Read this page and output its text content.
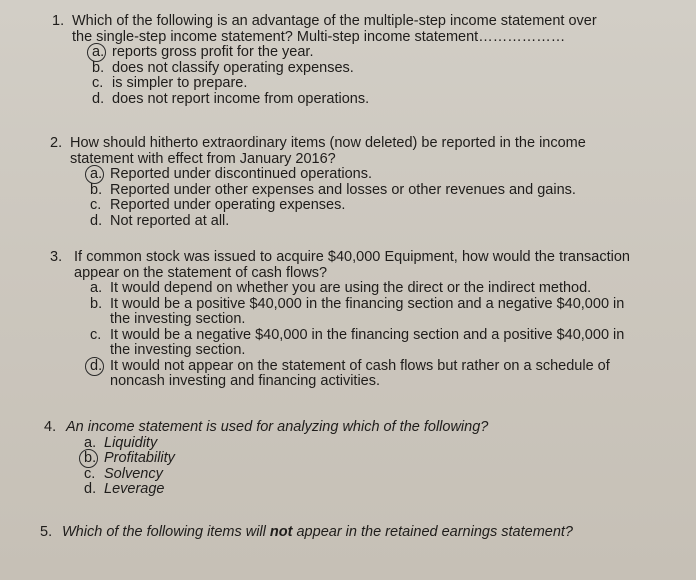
1. Which of the following is an advantage of the multiple-step income statement over the single-step income statement? Multi-step income statement………………
a. reports gross profit for the year.
b. does not classify operating expenses.
c. is simpler to prepare.
d. does not report income from operations.
2. How should hitherto extraordinary items (now deleted) be reported in the income statement with effect from January 2016?
a. Reported under discontinued operations.
b. Reported under other expenses and losses or other revenues and gains.
c. Reported under operating expenses.
d. Not reported at all.
3. If common stock was issued to acquire $40,000 Equipment, how would the transaction appear on the statement of cash flows?
a. It would depend on whether you are using the direct or the indirect method.
b. It would be a positive $40,000 in the financing section and a negative $40,000 in the investing section.
c. It would be a negative $40,000 in the financing section and a positive $40,000 in the investing section.
d. It would not appear on the statement of cash flows but rather on a schedule of noncash investing and financing activities.
4. An income statement is used for analyzing which of the following?
a. Liquidity
b. Profitability
c. Solvency
d. Leverage
5. Which of the following items will not appear in the retained earnings statement?
